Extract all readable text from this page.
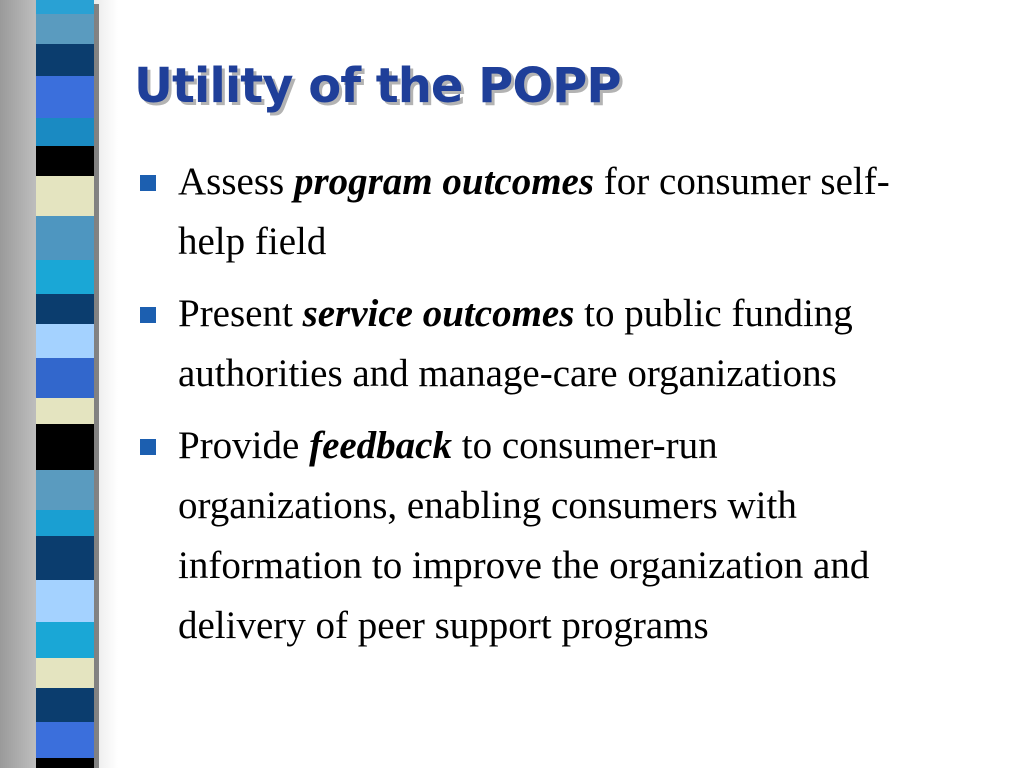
Utility of the POPP
Assess program outcomes for consumer self-help field
Present service outcomes to public funding authorities and manage-care organizations
Provide feedback to consumer-run organizations, enabling consumers with information to improve the organization and delivery of peer support programs
